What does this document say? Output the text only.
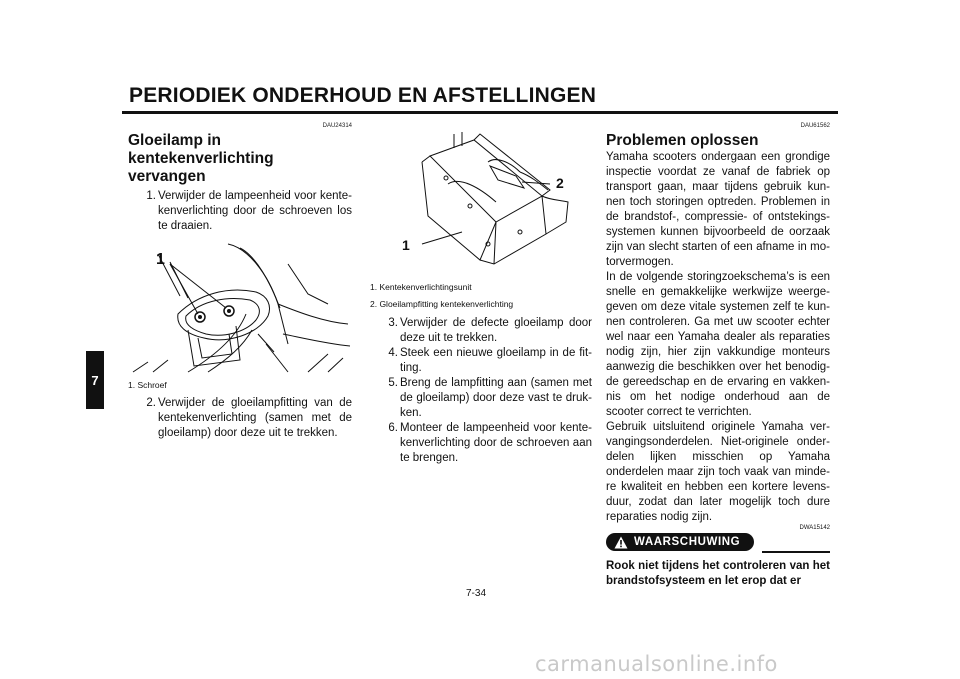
PERIODIEK ONDERHOUD EN AFSTELLINGEN
7
DAU24314
Gloeilamp in kentekenverlichting vervangen
1. Verwijder de lampeenheid voor kentekenverlichting door de schroeven los te draaien.
1
1. Schroef
2. Verwijder de gloeilampfitting van de kentekenverlichting (samen met de gloeilamp) door deze uit te trekken.
1
2
1. Kentekenverlichtingsunit
2. Gloeilampfitting kentekenverlichting
3. Verwijder de defecte gloeilamp door deze uit te trekken.
4. Steek een nieuwe gloeilamp in de fitting.
5. Breng de lampfitting aan (samen met de gloeilamp) door deze vast te drukken.
6. Monteer de lampeenheid voor kentekenverlichting door de schroeven aan te brengen.
DAU61562
Problemen oplossen

Yamaha scooters ondergaan een grondige inspectie voordat ze vanaf de fabriek op transport gaan, maar tijdens gebruik kunnen toch storingen optreden. Problemen in de brandstof-, compressie- of ontstekingssystemen kunnen bijvoorbeeld de oorzaak zijn van slecht starten of een afname in motorvermogen.

In de volgende storingzoekschema’s is een snelle en gemakkelijke werkwijze weergegeven om deze vitale systemen zelf te kunnen controleren. Ga met uw scooter echter wel naar een Yamaha dealer als reparaties nodig zijn, hier zijn vakkundige monteurs aanwezig die beschikken over het benodigde gereedschap en de ervaring en vakkennis om het nodige onderhoud aan de scooter correct te verrichten.

Gebruik uitsluitend originele Yamaha vervangingsonderdelen. Niet-originele onderdelen lijken misschien op Yamaha onderdelen maar zijn toch vaak van mindere kwaliteit en hebben een kortere levensduur, zodat dan later mogelijk toch dure reparaties nodig zijn.

DWA15142
WAARSCHUWING

Rook niet tijdens het controleren van het brandstofsysteem en let erop dat er

7-34
carmanualsonline.info
